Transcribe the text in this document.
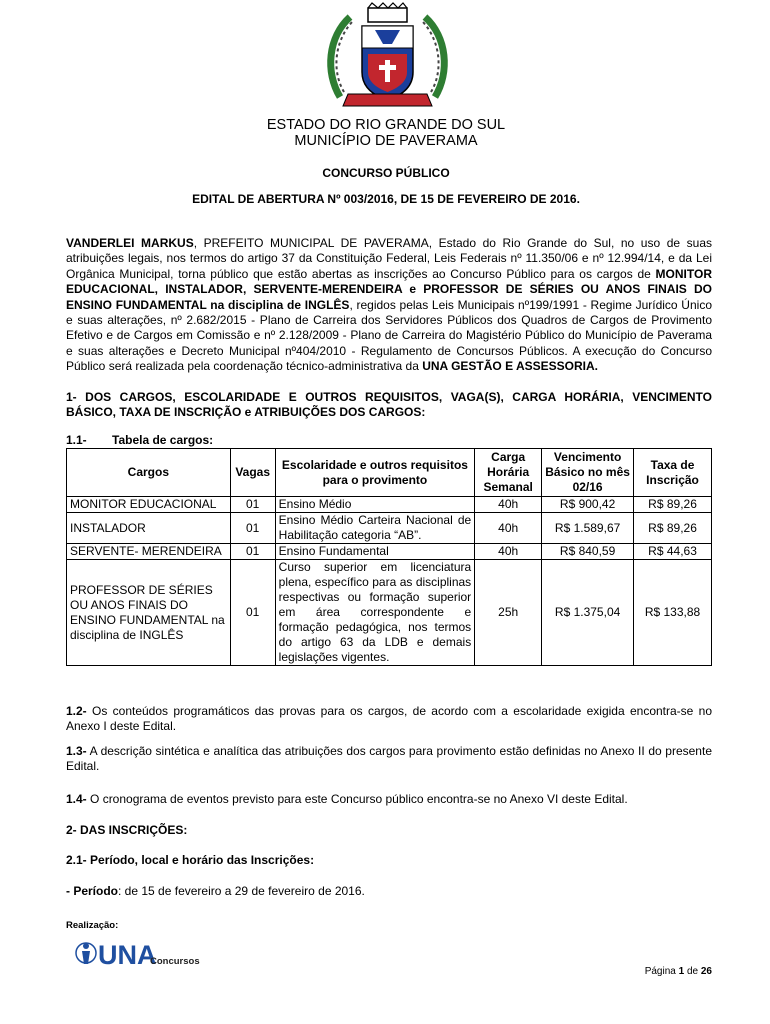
ESTADO DO RIO GRANDE DO SUL
MUNICÍPIO DE PAVERAMA
CONCURSO PÚBLICO
EDITAL DE ABERTURA Nº 003/2016, DE 15 DE FEVEREIRO DE 2016.
VANDERLEI MARKUS, PREFEITO MUNICIPAL DE PAVERAMA, Estado do Rio Grande do Sul, no uso de suas atribuições legais, nos termos do artigo 37 da Constituição Federal, Leis Federais nº 11.350/06 e nº 12.994/14, e da Lei Orgânica Municipal, torna público que estão abertas as inscrições ao Concurso Público para os cargos de MONITOR EDUCACIONAL, INSTALADOR, SERVENTE-MERENDEIRA e PROFESSOR DE SÉRIES OU ANOS FINAIS DO ENSINO FUNDAMENTAL na disciplina de INGLÊS, regidos pelas Leis Municipais nº199/1991 - Regime Jurídico Único e suas alterações, nº 2.682/2015 - Plano de Carreira dos Servidores Públicos dos Quadros de Cargos de Provimento Efetivo e de Cargos em Comissão e nº 2.128/2009 - Plano de Carreira do Magistério Público do Município de Paverama e suas alterações e Decreto Municipal nº404/2010 - Regulamento de Concursos Públicos. A execução do Concurso Público será realizada pela coordenação técnico-administrativa da UNA GESTÃO E ASSESSORIA.
1- DOS CARGOS, ESCOLARIDADE E OUTROS REQUISITOS, VAGA(S), CARGA HORÁRIA, VENCIMENTO BÁSICO, TAXA DE INSCRIÇÃO e ATRIBUIÇÕES DOS CARGOS:
1.1- Tabela de cargos:
Cargos	Vagas	Escolaridade e outros requisitos para o provimento	Carga Horária Semanal	Vencimento Básico no mês 02/16	Taxa de Inscrição
MONITOR EDUCACIONAL	01	Ensino Médio	40h	R$ 900,42	R$ 89,26
INSTALADOR	01	Ensino Médio Carteira Nacional de Habilitação categoria “AB”.	40h	R$ 1.589,67	R$ 89,26
SERVENTE- MERENDEIRA	01	Ensino Fundamental	40h	R$ 840,59	R$ 44,63
PROFESSOR DE SÉRIES OU ANOS FINAIS DO ENSINO FUNDAMENTAL na disciplina de INGLÊS	01	Curso superior em licenciatura plena, específico para as disciplinas respectivas ou formação superior em área correspondente e formação pedagógica, nos termos do artigo 63 da LDB e demais legislações vigentes.	25h	R$ 1.375,04	R$ 133,88
1.2- Os conteúdos programáticos das provas para os cargos, de acordo com a escolaridade exigida encontra-se no Anexo I deste Edital.
1.3- A descrição sintética e analítica das atribuições dos cargos para provimento estão definidas no Anexo II do presente Edital.
1.4- O cronograma de eventos previsto para este Concurso público encontra-se no Anexo VI deste Edital.
2- DAS INSCRIÇÕES:
2.1- Período, local e horário das Inscrições:
- Período: de 15 de fevereiro a 29 de fevereiro de 2016.
Realização:
UNA
Concursos
Página 1 de 26
